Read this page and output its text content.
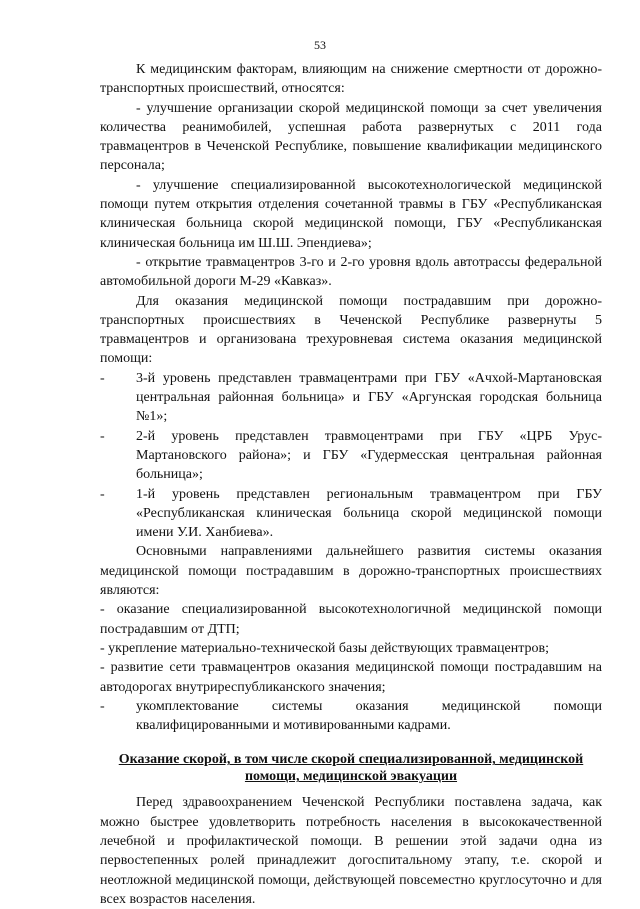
53

К медицинским факторам, влияющим на снижение смертности от дорожно-транспортных происшествий, относятся:

- улучшение организации скорой медицинской помощи за счет увеличения количества реанимобилей, успешная работа развернутых с 2011 года травмацентров в Чеченской Республике, повышение квалификации медицинского персонала;

- улучшение специализированной высокотехнологической медицинской помощи путем открытия отделения сочетанной травмы в ГБУ «Республиканская клиническая больница скорой медицинской помощи, ГБУ «Республиканская клиническая больница им Ш.Ш. Эпендиева»;

- открытие травмацентров 3-го и 2-го уровня вдоль автотрассы федеральной автомобильной дороги М-29 «Кавказ».

Для оказания медицинской помощи пострадавшим при дорожно-транспортных происшествиях в Чеченской Республике развернуты 5 травмацентров и организована трехуровневая система оказания медицинской помощи:

-	3-й уровень представлен травмацентрами при ГБУ «Ачхой-Мартановская центральная районная больница» и ГБУ «Аргунская городская больница №1»;
-	2-й уровень представлен травмоцентрами при ГБУ «ЦРБ Урус-Мартановского района»; и ГБУ «Гудермесская центральная районная больница»;
-	1-й уровень представлен региональным травмацентром при ГБУ «Республиканская клиническая больница скорой медицинской помощи имени У.И. Ханбиева».

Основными направлениями дальнейшего развития системы оказания медицинской помощи пострадавшим в дорожно-транспортных происшествиях являются:

- оказание специализированной высокотехнологичной медицинской помощи пострадавшим от ДТП;

- укрепление материально-технической базы действующих травмацентров;

- развитие сети травмацентров оказания медицинской помощи пострадавшим на автодорогах внутриреспубликанского значения;

-	укомплектование системы оказания медицинской помощи квалифицированными и мотивированными кадрами.

Оказание скорой, в том числе скорой специализированной, медицинской помощи, медицинской эвакуации

Перед здравоохранением Чеченской Республики поставлена задача, как можно быстрее удовлетворить потребность населения в высококачественной лечебной и профилактической помощи. В решении этой задачи одна из первостепенных ролей принадлежит догоспитальному этапу, т.е. скорой и неотложной медицинской помощи, действующей повсеместно круглосуточно и для всех возрастов населения.
